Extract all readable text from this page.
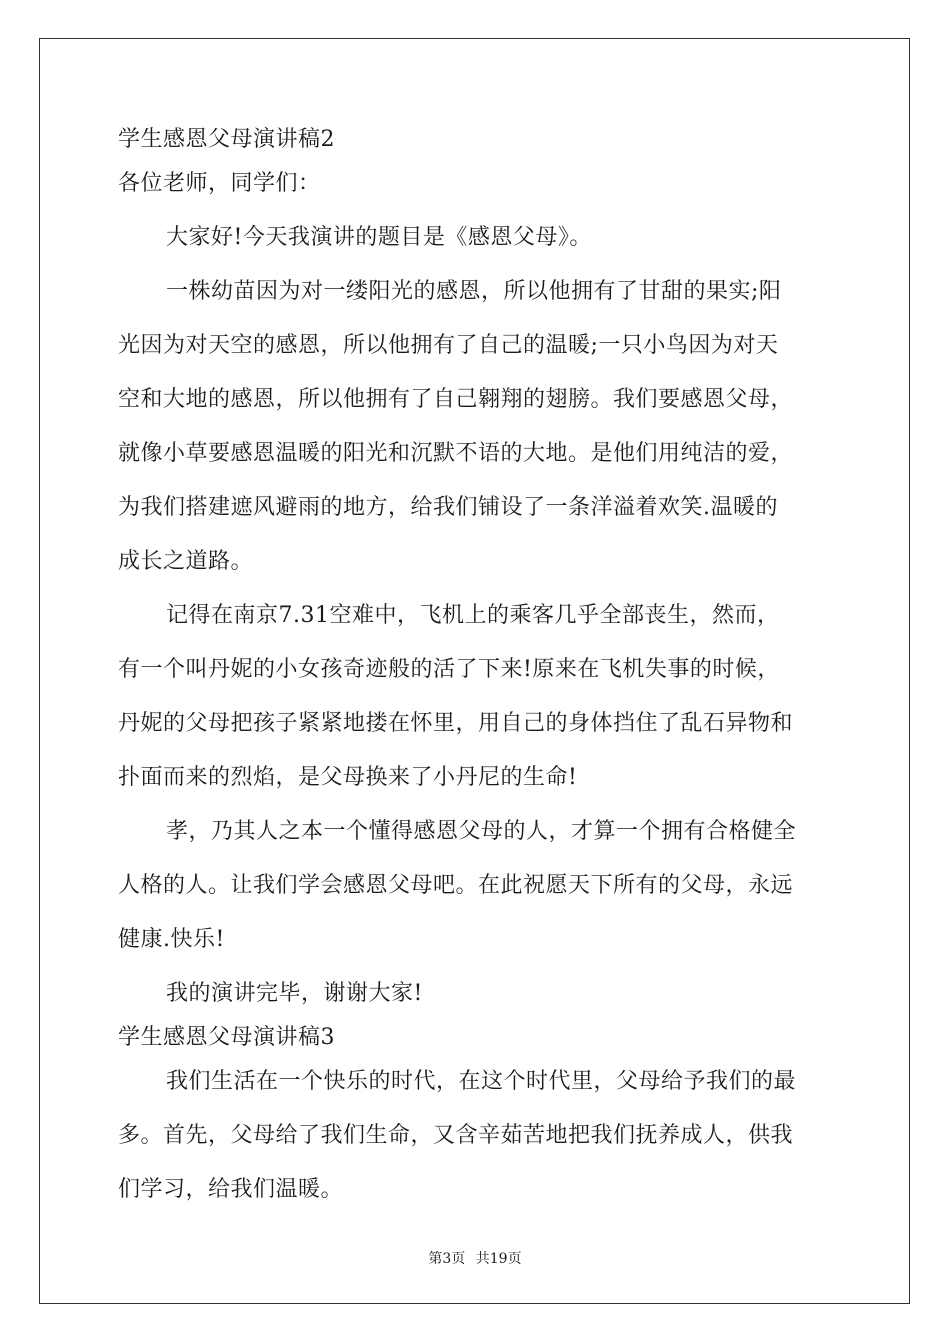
学生感恩父母演讲稿2
各位老师，同学们：
大家好!今天我演讲的题目是《感恩父母》。
一株幼苗因为对一缕阳光的感恩，所以他拥有了甘甜的果实;阳
光因为对天空的感恩，所以他拥有了自己的温暖;一只小鸟因为对天
空和大地的感恩，所以他拥有了自己翱翔的翅膀。我们要感恩父母，
就像小草要感恩温暖的阳光和沉默不语的大地。是他们用纯洁的爱，
为我们搭建遮风避雨的地方，给我们铺设了一条洋溢着欢笑.温暖的
成长之道路。
记得在南京7.31空难中，飞机上的乘客几乎全部丧生，然而，
有一个叫丹妮的小女孩奇迹般的活了下来!原来在飞机失事的时候，
丹妮的父母把孩子紧紧地搂在怀里，用自己的身体挡住了乱石异物和
扑面而来的烈焰，是父母换来了小丹尼的生命!
孝，乃其人之本一个懂得感恩父母的人，才算一个拥有合格健全
人格的人。让我们学会感恩父母吧。在此祝愿天下所有的父母，永远
健康.快乐!
我的演讲完毕，谢谢大家!
学生感恩父母演讲稿3
我们生活在一个快乐的时代，在这个时代里，父母给予我们的最
多。首先，父母给了我们生命，又含辛茹苦地把我们抚养成人，供我
们学习，给我们温暖。
第3页 共19页
